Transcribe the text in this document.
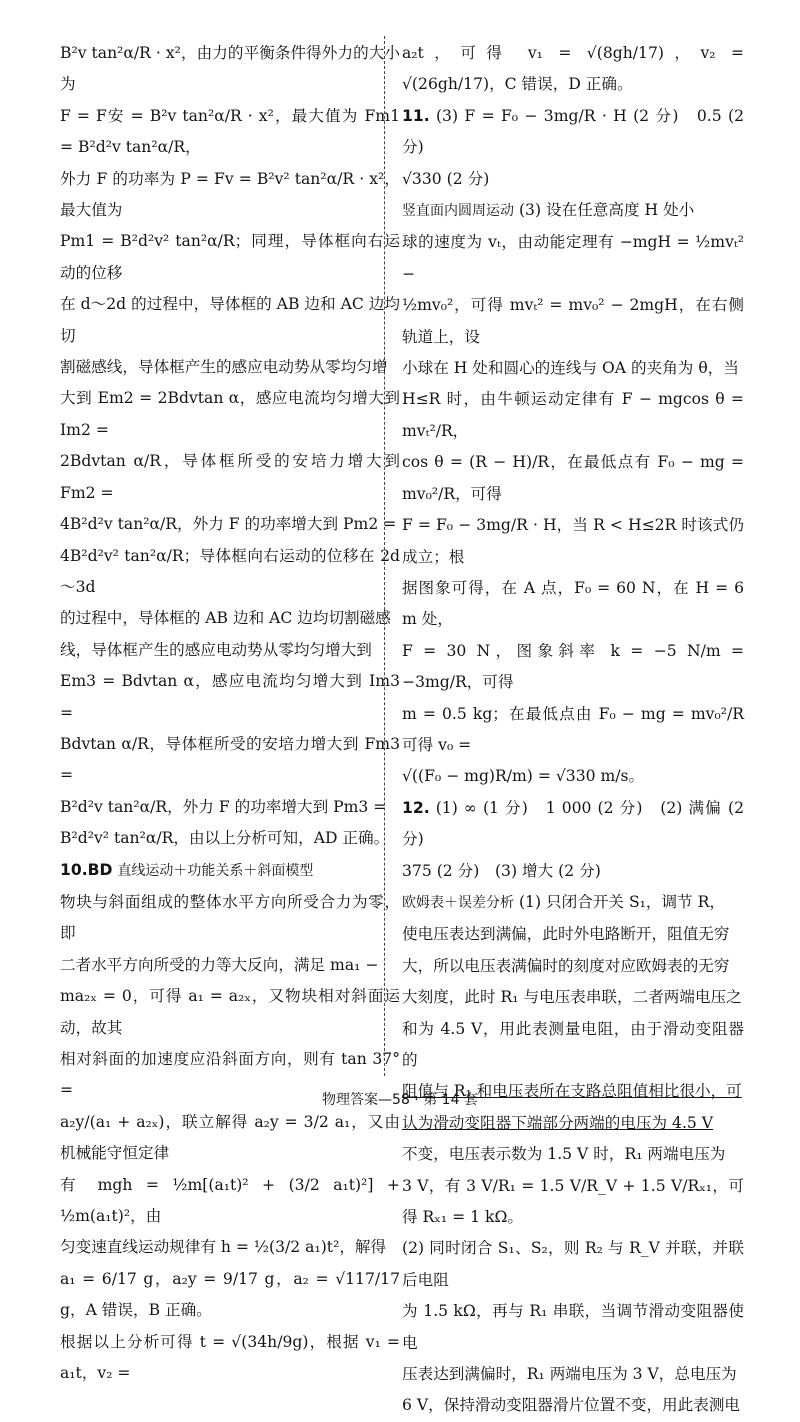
B²v tan²α/R · x²，由力的平衡条件得外力的大小为
F = F安 = B²v tan²α/R · x²，最大值为 Fm1 = B²d²v tan²α/R，
外力 F 的功率为 P = Fv = B²v² tan²α/R · x²，最大值为
Pm1 = B²d²v² tan²α/R；同理，导体框向右运动的位移
在 d～2d 的过程中，导体框的 AB 边和 AC 边均切
割磁感线，导体框产生的感应电动势从零均匀增
大到 Em2 = 2Bdvtan α，感应电流均匀增大到 Im2 =
2Bdvtan α/R，导体框所受的安培力增大到 Fm2 =
4B²d²v tan²α/R，外力 F 的功率增大到 Pm2 =
4B²d²v² tan²α/R；导体框向右运动的位移在 2d～3d
的过程中，导体框的 AB 边和 AC 边均切割磁感
线，导体框产生的感应电动势从零均匀增大到
Em3 = Bdvtan α，感应电流均匀增大到 Im3 =
Bdvtan α/R，导体框所受的安培力增大到 Fm3 =
B²d²v tan²α/R，外力 F 的功率增大到 Pm3 =
B²d²v² tan²α/R，由以上分析可知，AD 正确。
10.BD 直线运动＋功能关系＋斜面模型
物块与斜面组成的整体水平方向所受合力为零，即
二者水平方向所受的力等大反向，满足 ma₁ −
ma₂ₓ = 0，可得 a₁ = a₂ₓ，又物块相对斜面运动，故其
相对斜面的加速度应沿斜面方向，则有 tan 37° =
a₂y/(a₁ + a₂ₓ)，联立解得 a₂y = 3/2 a₁，又由机械能守恒定律
有 mgh = ½m[(a₁t)² + (3/2 a₁t)²] + ½m(a₁t)²，由
匀变速直线运动规律有 h = ½(3/2 a₁)t²，解得
a₁ = 6/17 g，a₂y = 9/17 g，a₂ = √117/17 g，A 错误，B 正确。
根据以上分析可得 t = √(34h/9g)，根据 v₁ = a₁t，v₂ =
a₂t，可得 v₁ = √(8gh/17)，v₂ = √(26gh/17)，C 错误，D 正确。
11. (3) F = F₀ − 3mg/R · H (2 分)　0.5 (2 分)
√330 (2 分)
竖直面内圆周运动 (3) 设在任意高度 H 处小
球的速度为 vₜ，由动能定理有 −mgH = ½mvₜ² −
½mv₀²，可得 mvₜ² = mv₀² − 2mgH，在右侧轨道上，设
小球在 H 处和圆心的连线与 OA 的夹角为 θ，当
H≤R 时，由牛顿运动定律有 F − mgcos θ = mvₜ²/R，
cos θ = (R − H)/R，在最低点有 F₀ − mg = mv₀²/R，可得
F = F₀ − 3mg/R · H，当 R < H≤2R 时该式仍成立；根
据图象可得，在 A 点，F₀ = 60 N，在 H = 6 m 处，
F = 30 N，图象斜率 k = −5 N/m = −3mg/R，可得
m = 0.5 kg；在最低点由 F₀ − mg = mv₀²/R 可得 v₀ =
√((F₀ − mg)R/m) = √330 m/s。
12. (1) ∞ (1 分)　1 000 (2 分)　(2) 满偏 (2 分)
375 (2 分)　(3) 增大 (2 分)
欧姆表＋误差分析 (1) 只闭合开关 S₁，调节 R，
使电压表达到满偏，此时外电路断开，阻值无穷
大，所以电压表满偏时的刻度对应欧姆表的无穷
大刻度，此时 R₁ 与电压表串联，二者两端电压之
和为 4.5 V，用此表测量电阻，由于滑动变阻器的
阻值与 R₁ 和电压表所在支路总阻值相比很小，可
认为滑动变阻器下端部分两端的电压为 4.5 V
不变，电压表示数为 1.5 V 时，R₁ 两端电压为
3 V，有 3 V/R₁ = 1.5 V/R_V + 1.5 V/Rₓ₁，可得 Rₓ₁ = 1 kΩ。
(2) 同时闭合 S₁、S₂，则 R₂ 与 R_V 并联，并联后电阻
为 1.5 kΩ，再与 R₁ 串联，当调节滑动变阻器使电
压表达到满偏时，R₁ 两端电压为 3 V，总电压为
6 V，保持滑动变阻器滑片位置不变，用此表测电
物理答案—58 · 第 14 套
